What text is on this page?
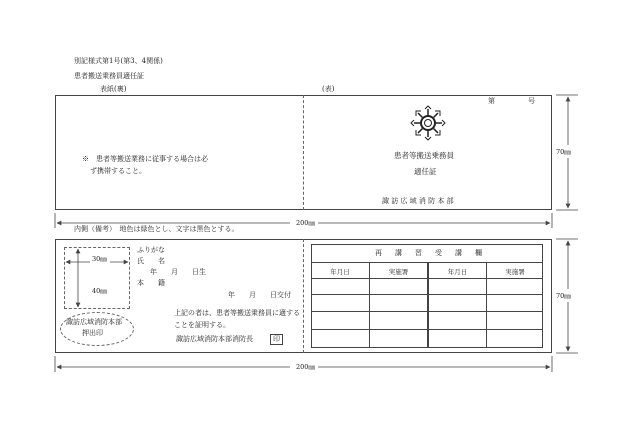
別記様式第1号(第3、4関係)
患者搬送乗務員適任証
表紙(裏)	(表)
※　患者等搬送業務に従事する場合は必
ず携帯すること。
第	号
患者等搬送乗務員
適任証
諏 訪 広 域 消 防 本 部
70㎜
200㎜
内側（備考）　地色は緑色とし、文字は黒色とする。
30㎜
40㎜
諏訪広域消防本部
押出印
ふりがな
氏　　名
年　　月　　日生
本　　籍
年　　月　　日交付
上記の者は、患者等搬送乗務員に適する
ことを証明する。
諏訪広域消防本部消防長	印
再　講　習　受　講　欄
年月日	実施署	年月日	実施署
70㎜
200㎜
